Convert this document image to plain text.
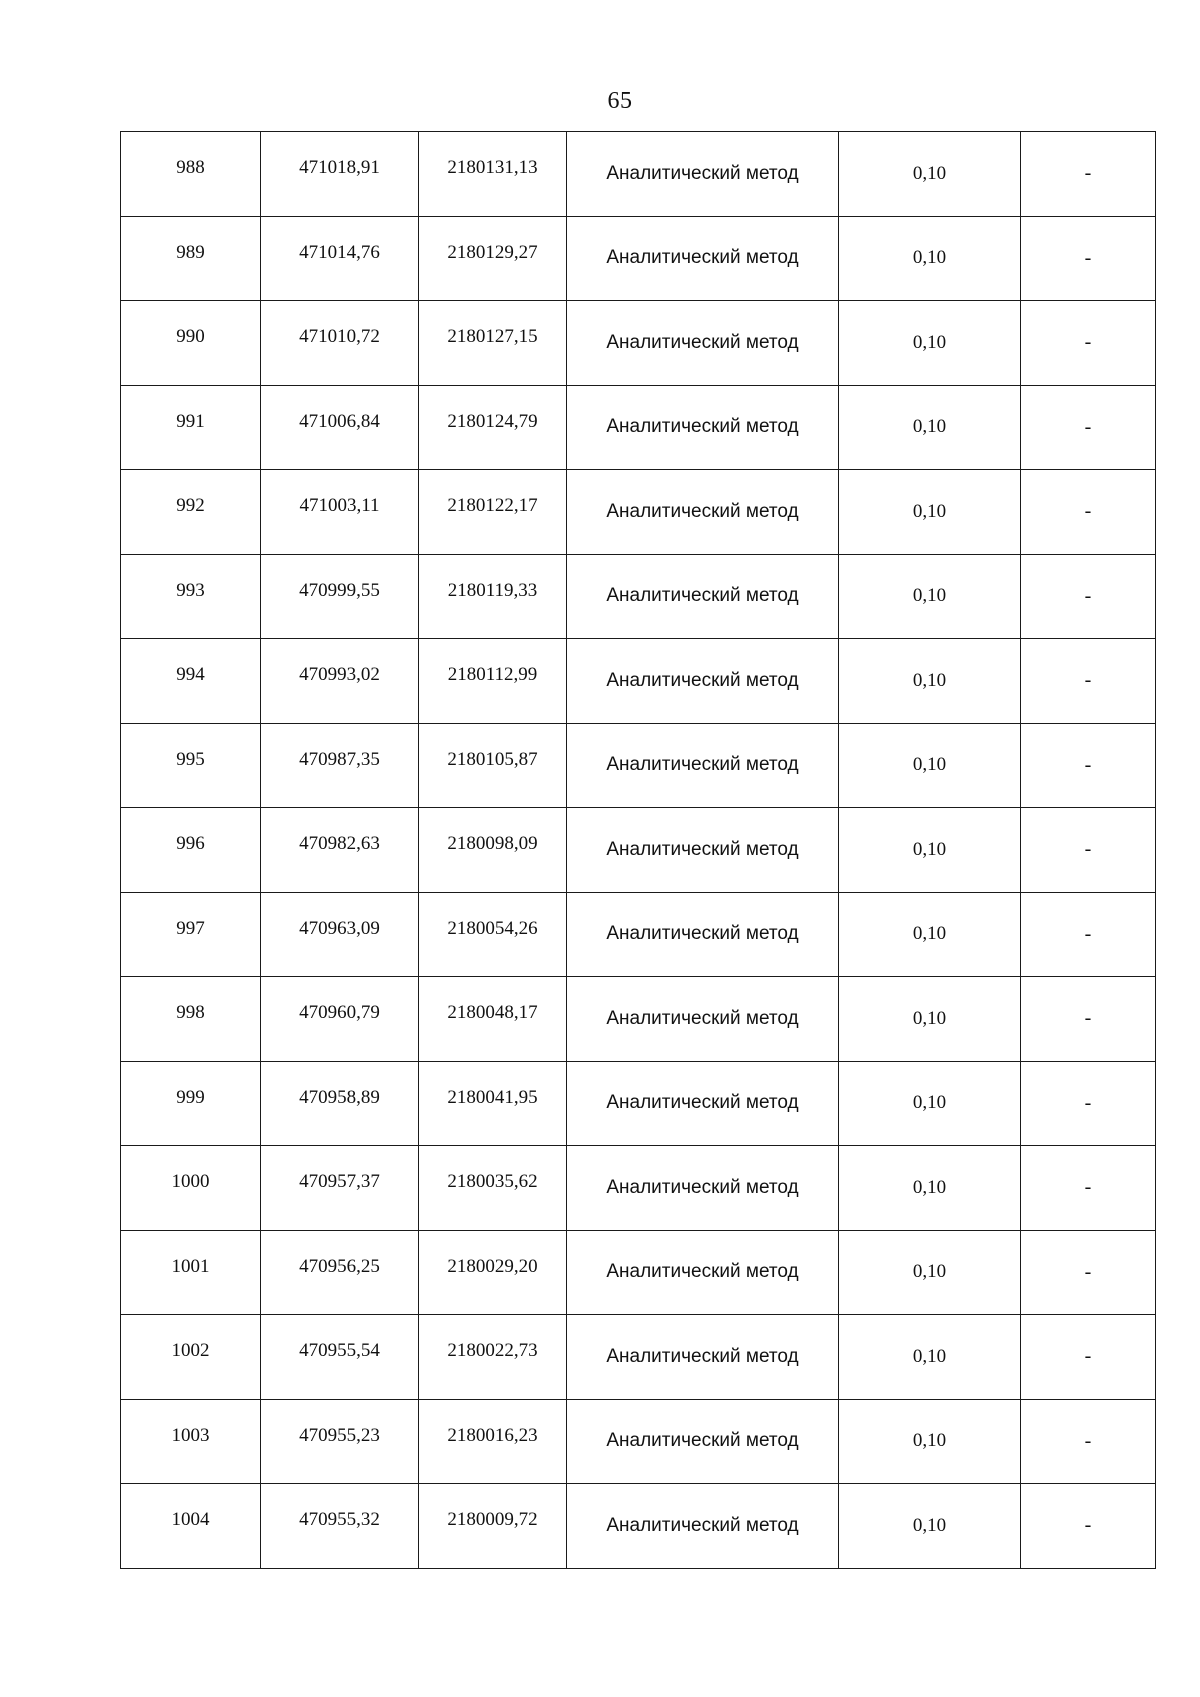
65
988	471018,91	2180131,13	Аналитический метод	0,10	-
989	471014,76	2180129,27	Аналитический метод	0,10	-
990	471010,72	2180127,15	Аналитический метод	0,10	-
991	471006,84	2180124,79	Аналитический метод	0,10	-
992	471003,11	2180122,17	Аналитический метод	0,10	-
993	470999,55	2180119,33	Аналитический метод	0,10	-
994	470993,02	2180112,99	Аналитический метод	0,10	-
995	470987,35	2180105,87	Аналитический метод	0,10	-
996	470982,63	2180098,09	Аналитический метод	0,10	-
997	470963,09	2180054,26	Аналитический метод	0,10	-
998	470960,79	2180048,17	Аналитический метод	0,10	-
999	470958,89	2180041,95	Аналитический метод	0,10	-
1000	470957,37	2180035,62	Аналитический метод	0,10	-
1001	470956,25	2180029,20	Аналитический метод	0,10	-
1002	470955,54	2180022,73	Аналитический метод	0,10	-
1003	470955,23	2180016,23	Аналитический метод	0,10	-
1004	470955,32	2180009,72	Аналитический метод	0,10	-
